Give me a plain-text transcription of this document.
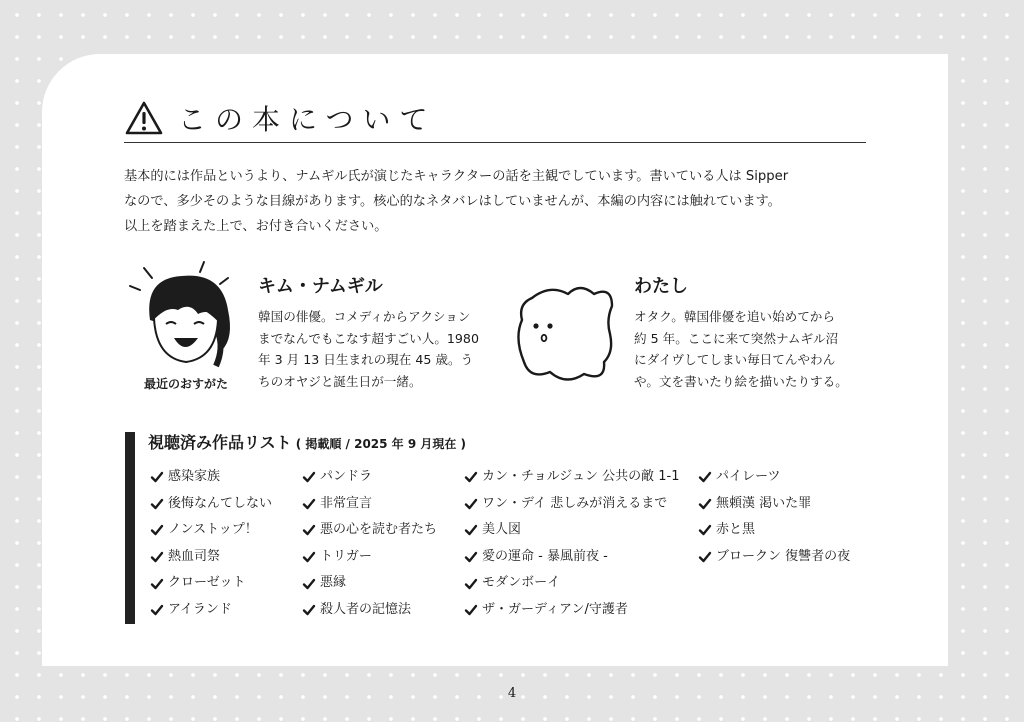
この本について
基本的には作品というより、ナムギル氏が演じたキャラクターの話を主観でしています。書いている人は Sipper
なので、多少そのような目線があります。核心的なネタバレはしていませんが、本編の内容には触れています。
以上を踏まえた上で、お付き合いください。
最近のおすがた
キム・ナムギル
韓国の俳優。コメディからアクション
までなんでもこなす超すごい人。1980
年 3 月 13 日生まれの現在 45 歳。う
ちのオヤジと誕生日が一緒。
わたし
オタク。韓国俳優を追い始めてから
約 5 年。ここに来て突然ナムギル沼
にダイヴしてしまい毎日てんやわん
や。文を書いたり絵を描いたりする。
視聴済み作品リスト ( 掲載順 / 2025 年 9 月現在 )
感染家族
後悔なんてしない
ノンストップ！
熱血司祭
クローゼット
アイランド
パンドラ
非常宣言
悪の心を読む者たち
トリガー
悪縁
殺人者の記憶法
カン・チョルジュン 公共の敵 1-1
ワン・デイ 悲しみが消えるまで
美人図
愛の運命 - 暴風前夜 -
モダンボーイ
ザ・ガーディアン/守護者
パイレーツ
無頼漢 渇いた罪
赤と黒
ブロークン 復讐者の夜
4
